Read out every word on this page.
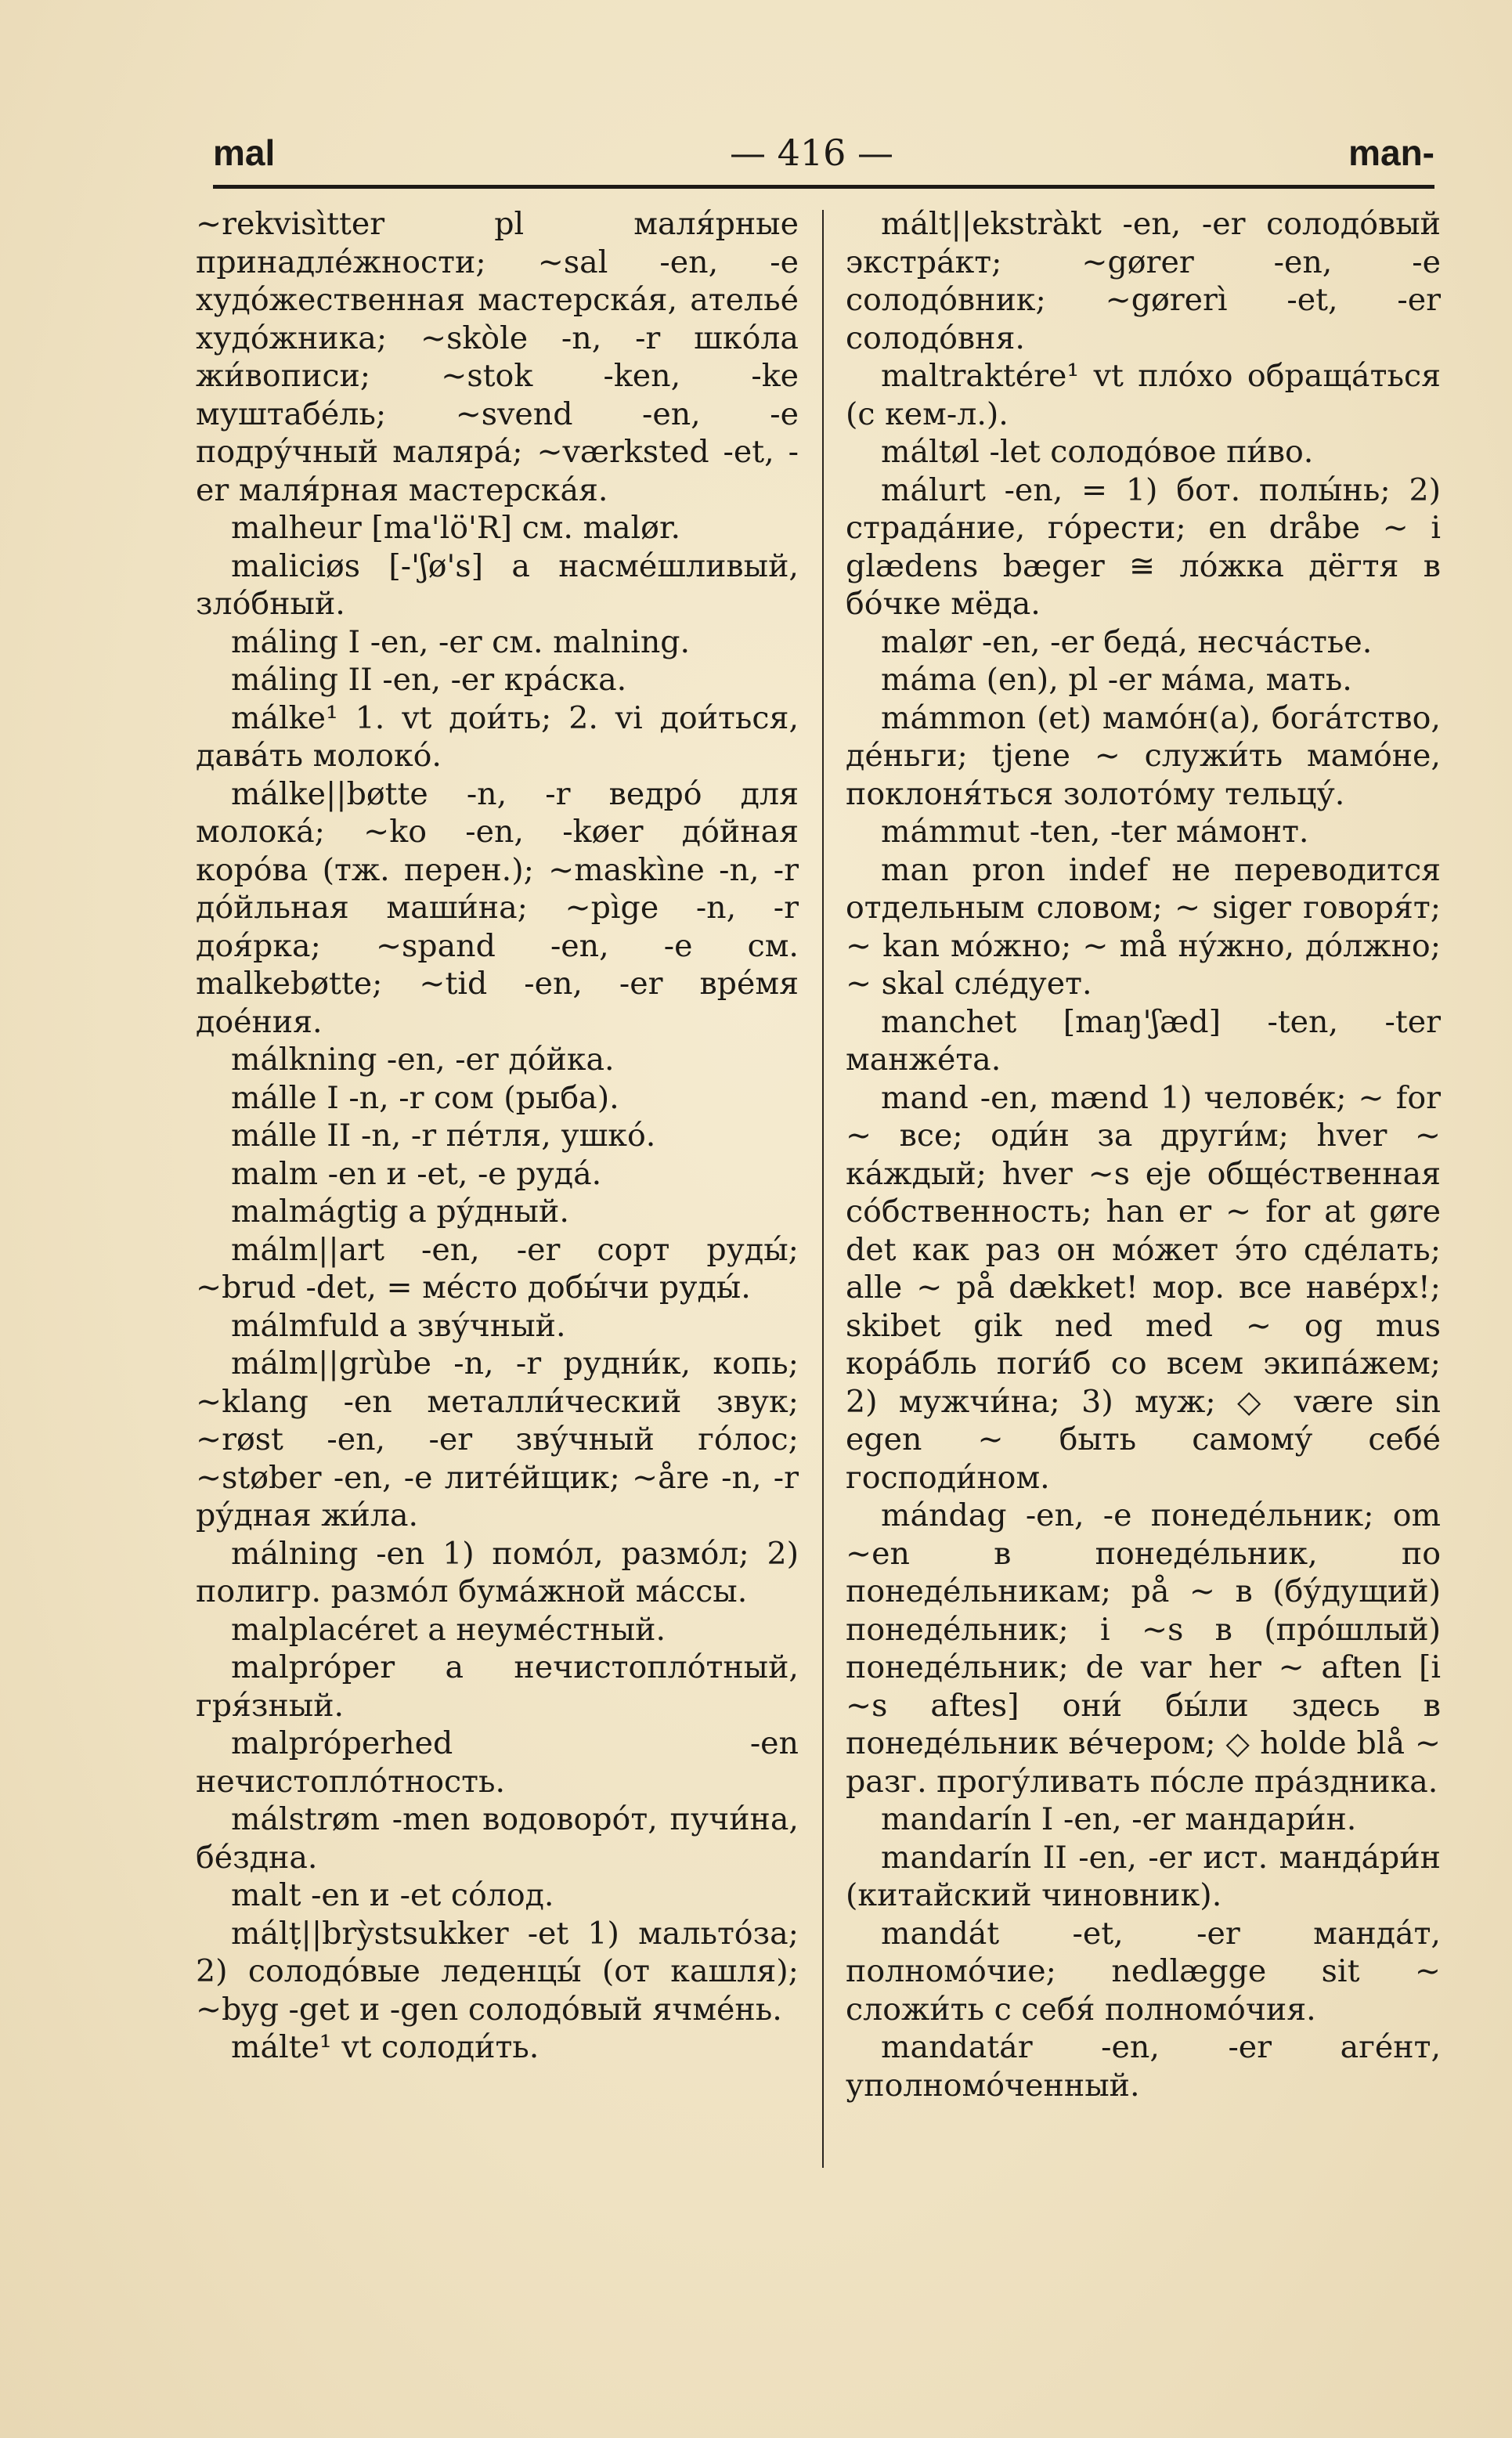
mal	— 416 —	man-

~rekvisìtter pl маля́рные принадле́жности; ~sal -en, -e худо́жественная мастерска́я, ателье́ худо́жника; ~skòle -n, -r шко́ла жи́вописи; ~stok -ken, -ke муштабе́ль; ~svend -en, -e подру́чный маляра́; ~værksted -et, -er маля́рная мастерска́я.

malheur [ma'lö'R] см. malør.

maliciøs [-'ʃø's] a насме́шливый, зло́бный.

máling I -en, -er см. malning.

máling II -en, -er кра́ска.

málke¹ 1. vt дои́ть; 2. vi дои́ться, дава́ть молоко́.

málke||bøtte -n, -r ведро́ для молока́; ~ko -en, -køer до́йная коро́ва (тж. перен.); ~maskìne -n, -r до́йльная маши́на; ~pìge -n, -r доя́рка; ~spand -en, -e см. malkebøtte; ~tid -en, -er вре́мя дое́ния.

málkning -en, -er до́йка.

málle I -n, -r сом (рыба).

málle II -n, -r пе́тля, ушко́.

malm -en и -et, -e руда́.

malmágtig a ру́дный.

málm||art -en, -er сорт руды́; ~brud -det, = ме́сто добы́чи руды́.

málmfuld a зву́чный.

málm||grùbe -n, -r рудни́к, копь; ~klang -en металли́ческий звук; ~røst -en, -er зву́чный го́лос; ~støber -en, -e лите́йщик; ~åre -n, -r ру́дная жи́ла.

málning -en 1) помо́л, размо́л; 2) полигр. размо́л бума́жной ма́ссы.

malplacéret a неуме́стный.

malpróper a нечистопло́тный, гря́зный.

malpróperhed -en нечистопло́тность.

málstrøm -men водоворо́т, пучи́на, бе́здна.

malt -en и -et со́лод.

málṭ||brỳstsukker -et 1) мальто́за; 2) солодо́вые леденцы́ (от кашля); ~byg -get и -gen солодо́вый ячме́нь.

málte¹ vt солоди́ть.

mált||ekstràkt -en, -er солодо́вый экстра́кт; ~gører -en, -e солодо́вник; ~gørerì -et, -er солодо́вня.

maltraktére¹ vt пло́хо обраща́ться (с кем-л.).

máltøl -let солодо́вое пи́во.

málurt -en, = 1) бот. полы́нь; 2) страда́ние, го́рести; en dråbe ~ i glædens bæger ≅ ло́жка дёгтя в бо́чке мёда.

malør -en, -er беда́, несча́стье.

máma (en), pl -er ма́ма, мать.

mámmon (et) мамо́н(а), бога́тство, де́ньги; tjene ~ служи́ть мамо́не, поклоня́ться золото́му тельцу́.

mámmut -ten, -ter ма́монт.

man pron indef не переводится отдельным словом; ~ siger говоря́т; ~ kan мо́жно; ~ må ну́жно, до́лжно; ~ skal сле́дует.

manchet [maŋ'ʃæd] -ten, -ter манже́та.

mand -en, mænd 1) челове́к; ~ for ~ все; оди́н за други́м; hver ~ ка́ждый; hver ~s eje обще́ственная со́бственность; han er ~ for at gøre det как раз он мо́жет э́то сде́лать; alle ~ på dækket! мор. все наве́рх!; skibet gik ned med ~ og mus кора́бль поги́б со всем экипа́жем; 2) мужчи́на; 3) муж; ◇ være sin egen ~ быть самому́ себе́ господи́ном.

mándag -en, -e понеде́льник; om ~en в понеде́льник, по понеде́льникам; på ~ в (бу́дущий) понеде́льник; i ~s в (про́шлый) понеде́льник; de var her ~ aften [i ~s aftes] они́ бы́ли здесь в понеде́льник ве́чером; ◇ holde blå ~ разг. прогу́ливать по́сле пра́здника.

mandarín I -en, -er мандари́н.

mandarín II -en, -er ист. манда́ри́н (китайский чиновник).

mandát -et, -er манда́т, полномо́чие; nedlægge sit ~ сложи́ть с себя́ полномо́чия.

mandatár -en, -er аге́нт, уполномо́ченный.
